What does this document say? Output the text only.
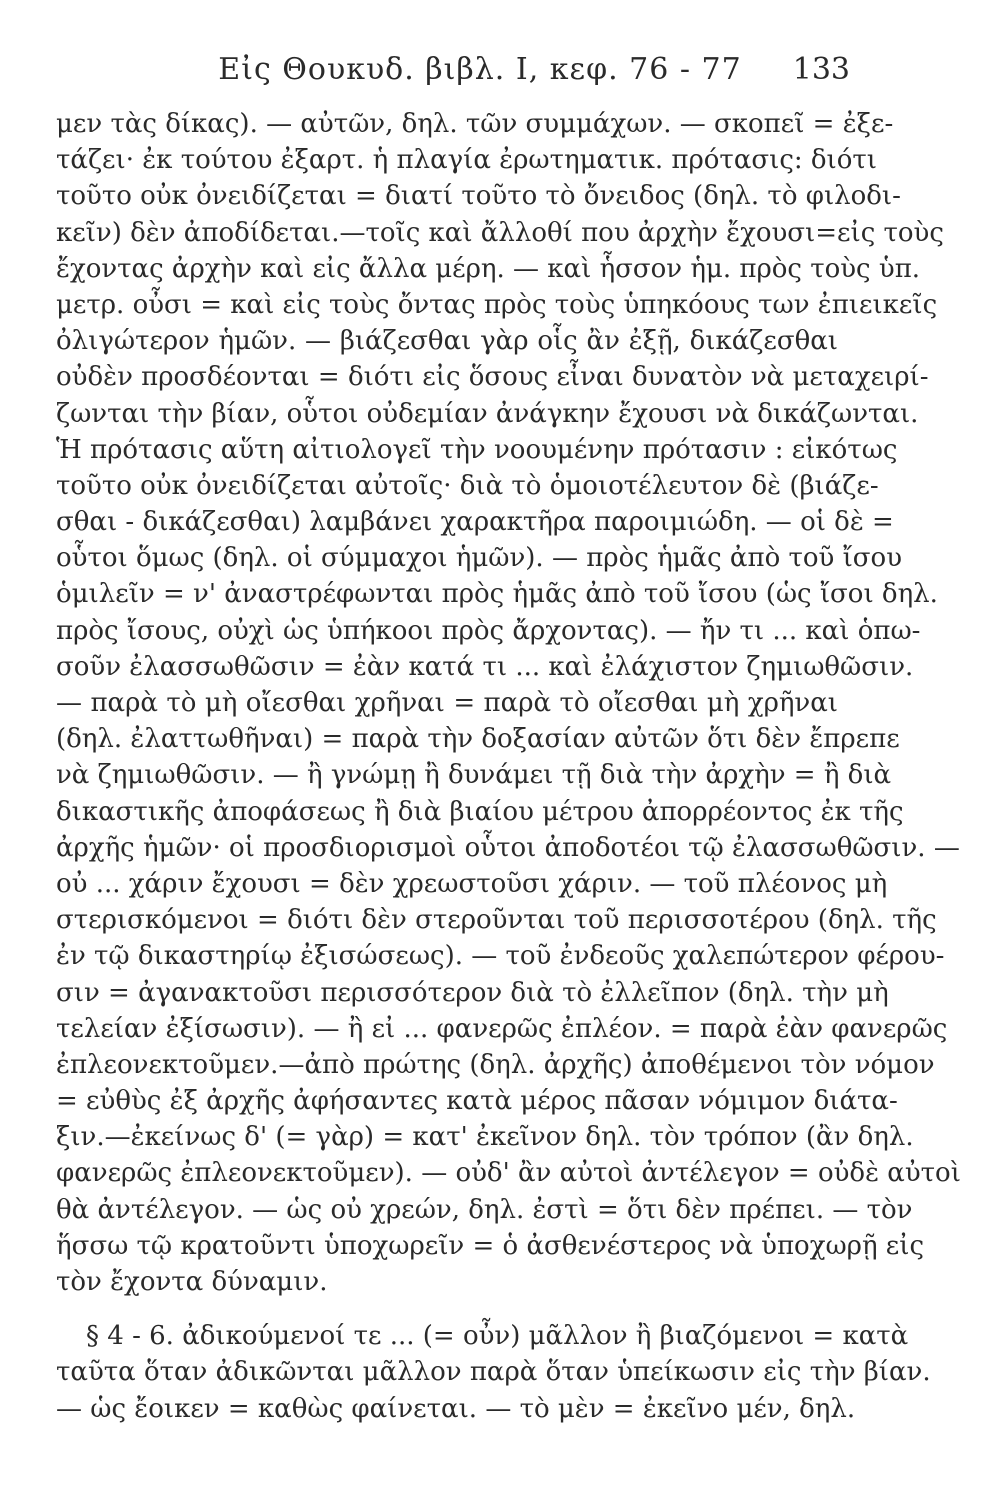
Εἰς Θουκυδ. βιβλ. I, κεφ. 76 - 77	133
μεν τὰς δίκας). — αὐτῶν, δηλ. τῶν συμμάχων. — σκοπεῖ = ἐξε-
τάζει· ἐκ τούτου ἐξαρτ. ἡ πλαγία ἐρωτηματικ. πρότασις: διότι
τοῦτο οὐκ ὀνειδίζεται = διατί τοῦτο τὸ ὄνειδος (δηλ. τὸ φιλοδι-
κεῖν) δὲν ἀποδίδεται.—τοῖς καὶ ἄλλοθί που ἀρχὴν ἔχουσι=εἰς τοὺς
ἔχοντας ἀρχὴν καὶ εἰς ἄλλα μέρη. — καὶ ἧσσον ἡμ. πρὸς τοὺς ὑπ.
μετρ. οὖσι = καὶ εἰς τοὺς ὄντας πρὸς τοὺς ὑπηκόους των ἐπιεικεῖς
ὀλιγώτερον ἡμῶν. — βιάζεσθαι γὰρ οἷς ἂν ἐξῇ, δικάζεσθαι
οὐδὲν προσδέονται = διότι εἰς ὅσους εἶναι δυνατὸν νὰ μεταχειρί-
ζωνται τὴν βίαν, οὗτοι οὐδεμίαν ἀνάγκην ἔχουσι νὰ δικάζωνται.
Ἡ πρότασις αὕτη αἰτιολογεῖ τὴν νοουμένην πρότασιν : εἰκότως
τοῦτο οὐκ ὀνειδίζεται αὐτοῖς· διὰ τὸ ὁμοιοτέλευτον δὲ (βιάζε-
σθαι - δικάζεσθαι) λαμβάνει χαρακτῆρα παροιμιώδη. — οἱ δὲ =
οὗτοι ὅμως (δηλ. οἱ σύμμαχοι ἡμῶν). — πρὸς ἡμᾶς ἀπὸ τοῦ ἴσου
ὁμιλεῖν = ν' ἀναστρέφωνται πρὸς ἡμᾶς ἀπὸ τοῦ ἴσου (ὡς ἴσοι δηλ.
πρὸς ἴσους, οὐχὶ ὡς ὑπήκοοι πρὸς ἄρχοντας). — ἤν τι ... καὶ ὁπω-
σοῦν ἐλασσωθῶσιν = ἐὰν κατά τι ... καὶ ἐλάχιστον ζημιωθῶσιν.
— παρὰ τὸ μὴ οἴεσθαι χρῆναι = παρὰ τὸ οἴεσθαι μὴ χρῆναι
(δηλ. ἐλαττωθῆναι) = παρὰ τὴν δοξασίαν αὐτῶν ὅτι δὲν ἔπρεπε
νὰ ζημιωθῶσιν. — ἢ γνώμῃ ἢ δυνάμει τῇ διὰ τὴν ἀρχὴν = ἢ διὰ
δικαστικῆς ἀποφάσεως ἢ διὰ βιαίου μέτρου ἀπορρέοντος ἐκ τῆς
ἀρχῆς ἡμῶν· οἱ προσδιορισμοὶ οὗτοι ἀποδοτέοι τῷ ἐλασσωθῶσιν. —
οὐ ... χάριν ἔχουσι = δὲν χρεωστοῦσι χάριν. — τοῦ πλέονος μὴ
στερισκόμενοι = διότι δὲν στεροῦνται τοῦ περισσοτέρου (δηλ. τῆς
ἐν τῷ δικαστηρίῳ ἐξισώσεως). — τοῦ ἐνδεοῦς χαλεπώτερον φέρου-
σιν = ἀγανακτοῦσι περισσότερον διὰ τὸ ἐλλεῖπον (δηλ. τὴν μὴ
τελείαν ἐξίσωσιν). — ἢ εἰ ... φανερῶς ἐπλέον. = παρὰ ἐὰν φανερῶς
ἐπλεονεκτοῦμεν.—ἀπὸ πρώτης (δηλ. ἀρχῆς) ἀποθέμενοι τὸν νόμον
= εὐθὺς ἐξ ἀρχῆς ἀφήσαντες κατὰ μέρος πᾶσαν νόμιμον διάτα-
ξιν.—ἐκείνως δ' (= γὰρ) = κατ' ἐκεῖνον δηλ. τὸν τρόπον (ἂν δηλ.
φανερῶς ἐπλεονεκτοῦμεν). — οὐδ' ἂν αὐτοὶ ἀντέλεγον = οὐδὲ αὐτοὶ
θὰ ἀντέλεγον. — ὡς οὐ χρεών, δηλ. ἐστὶ = ὅτι δὲν πρέπει. — τὸν
ἥσσω τῷ κρατοῦντι ὑποχωρεῖν = ὁ ἀσθενέστερος νὰ ὑποχωρῇ εἰς
τὸν ἔχοντα δύναμιν.
§ 4 - 6. ἀδικούμενοί τε ... (= οὖν) μᾶλλον ἢ βιαζόμενοι = κατὰ
ταῦτα ὅταν ἀδικῶνται μᾶλλον παρὰ ὅταν ὑπείκωσιν εἰς τὴν βίαν.
— ὡς ἔοικεν = καθὼς φαίνεται. — τὸ μὲν = ἐκεῖνο μέν, δηλ.
